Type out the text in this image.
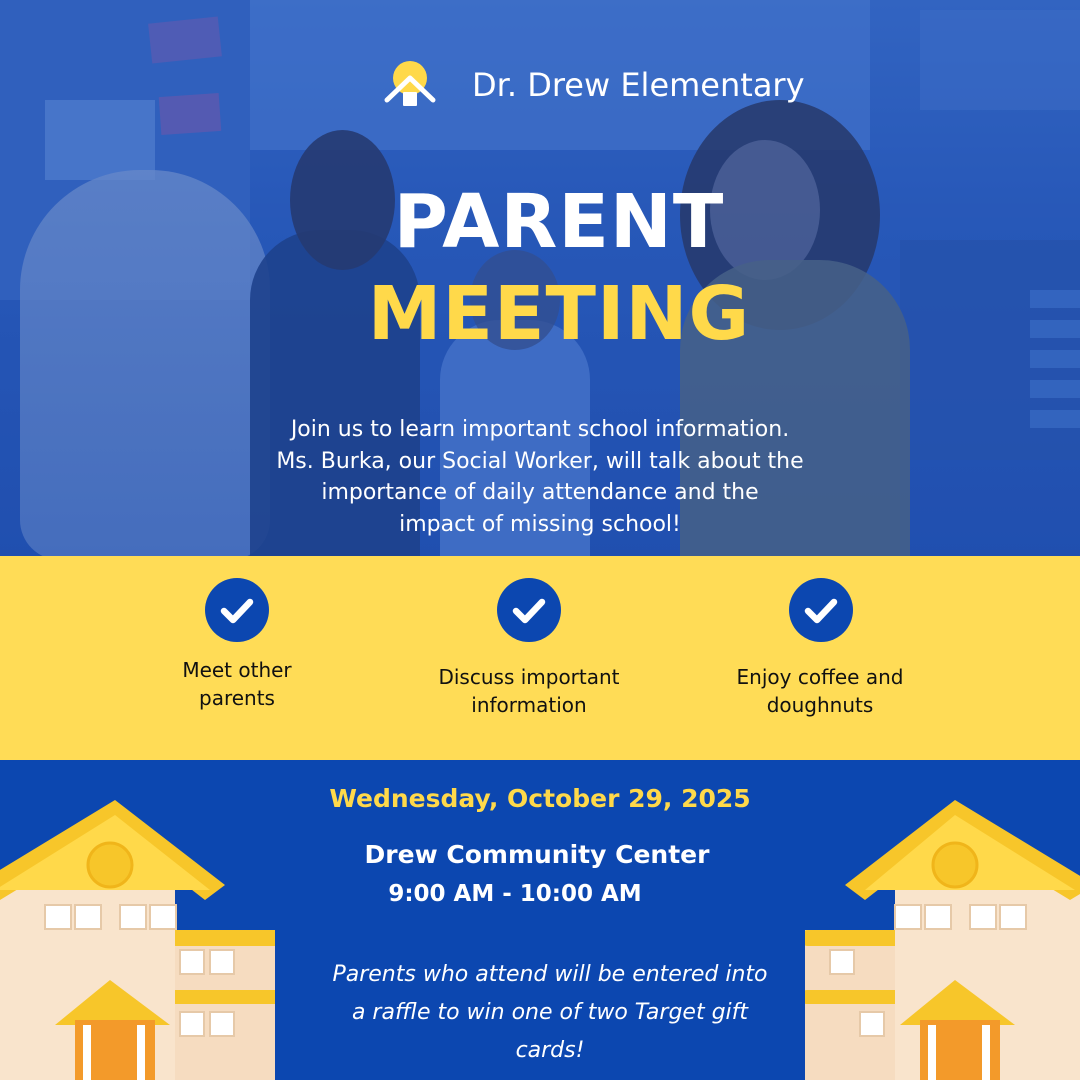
Dr. Drew Elementary
PARENT
MEETING
Join us to learn important school information.
Ms. Burka, our Social Worker, will talk about the
importance of daily attendance and the
impact of missing school!
Meet other
parents
Discuss important
information
Enjoy coffee and
doughnuts
Wednesday, October 29, 2025
Drew Community Center
9:00 AM - 10:00 AM
Parents who attend will be entered into
a raffle to win one of two Target gift
cards!
